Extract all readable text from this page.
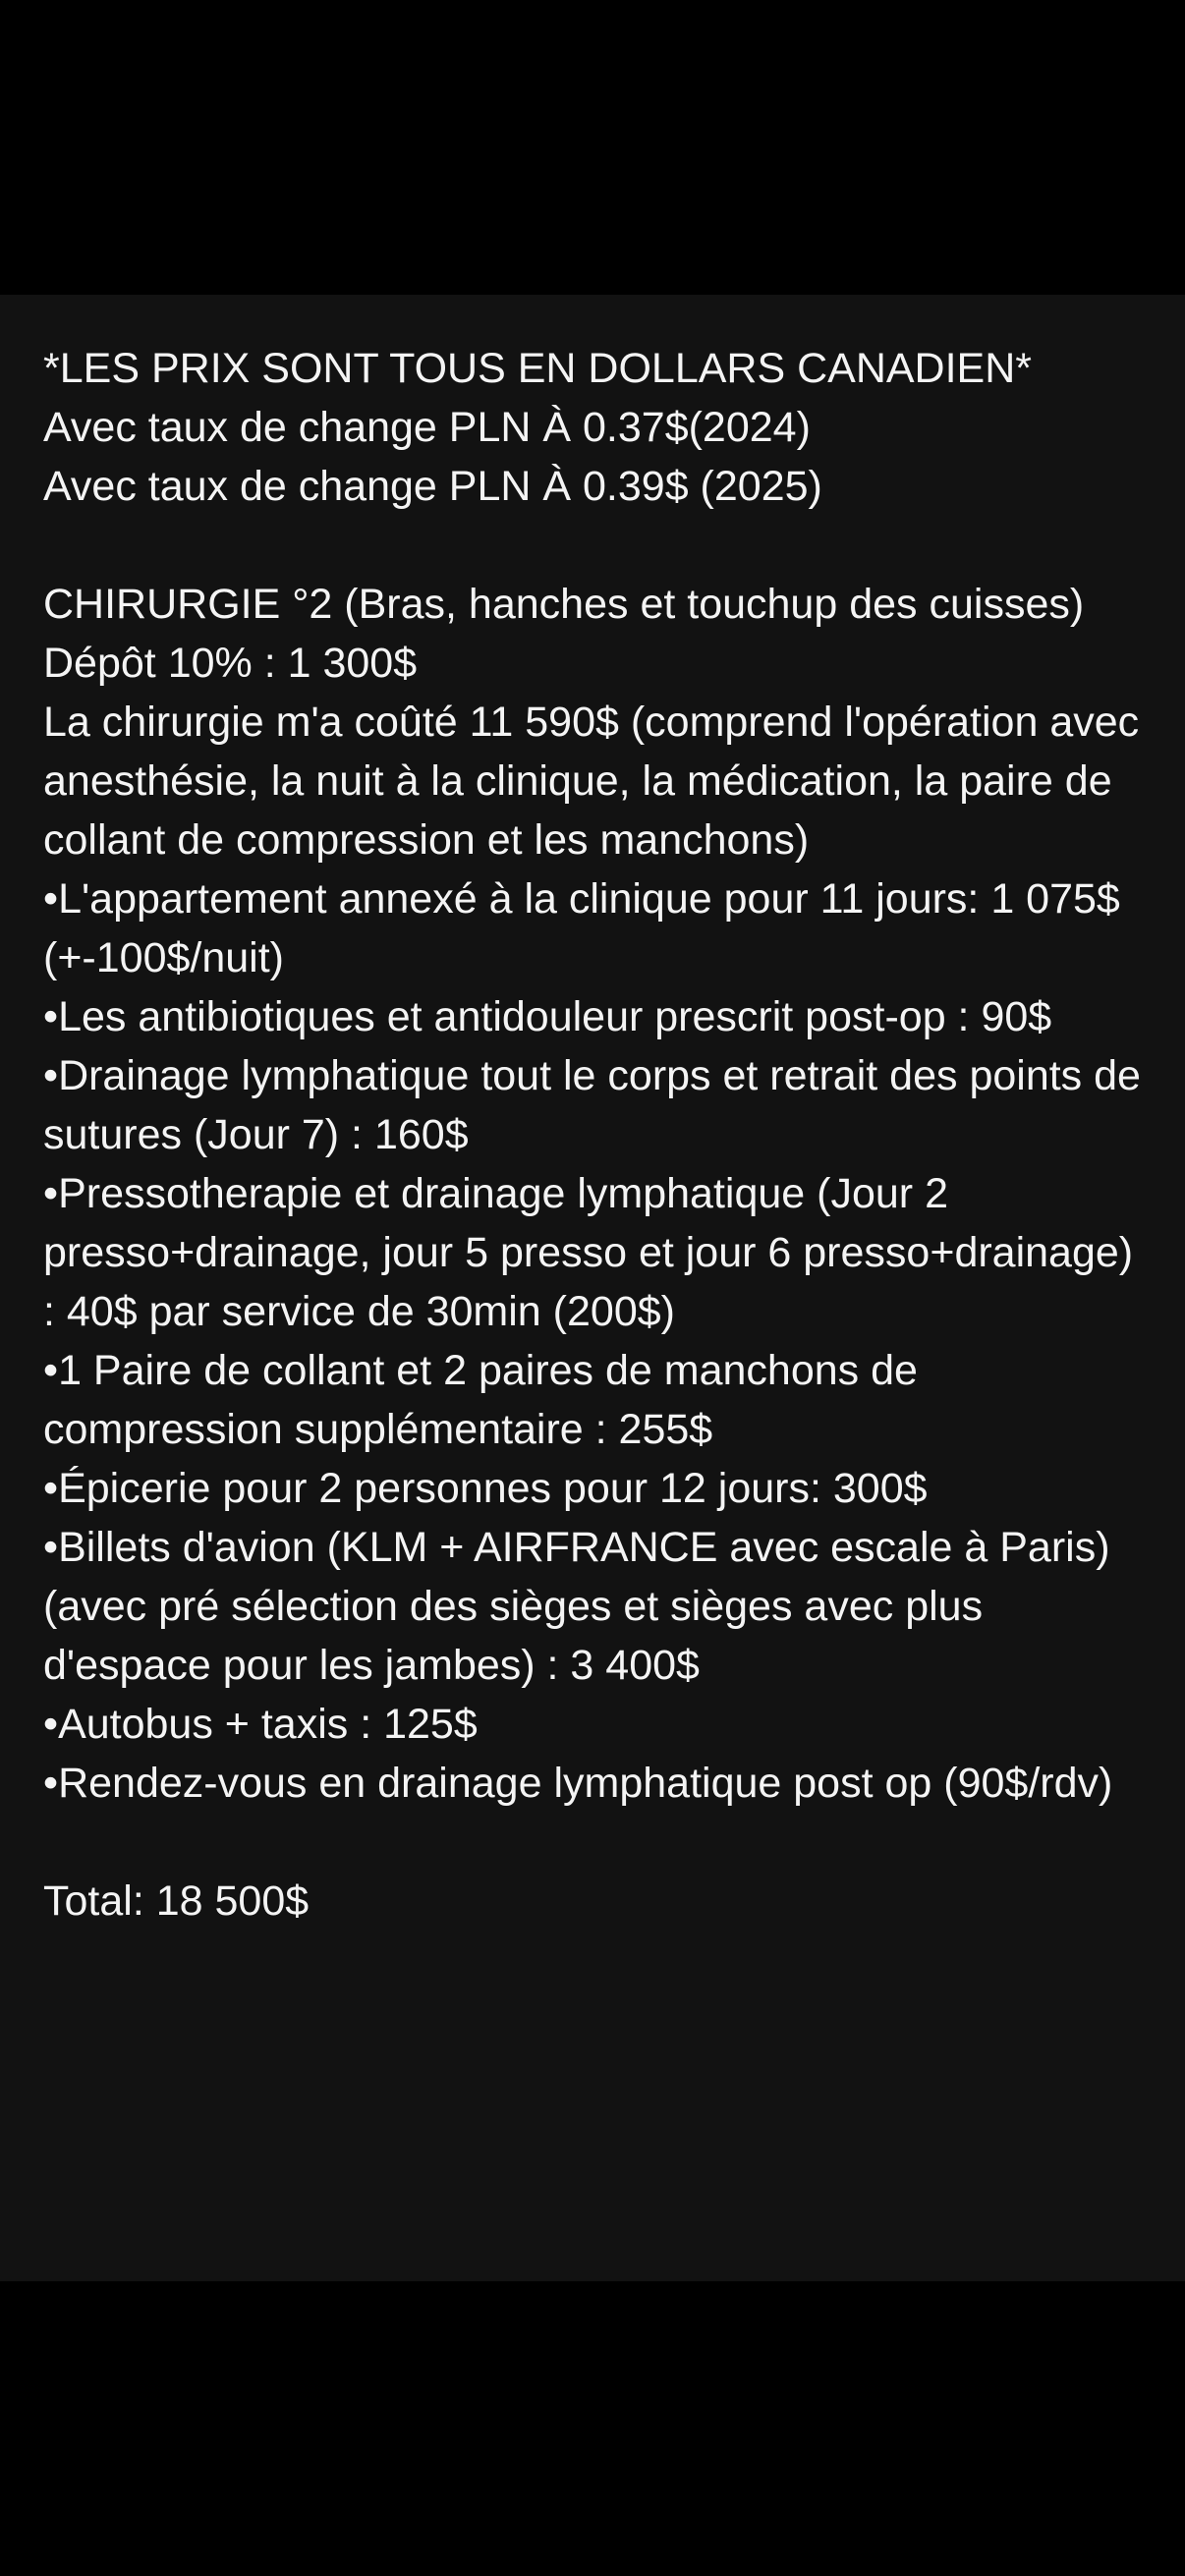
*LES PRIX SONT TOUS EN DOLLARS CANADIEN*

Avec taux de change PLN À 0.37$(2024)

Avec taux de change PLN À 0.39$ (2025)

CHIRURGIE °2 (Bras, hanches et touchup des cuisses)

Dépôt 10% : 1 300$

La chirurgie m'a coûté 11 590$ (comprend l'opération avec anesthésie, la nuit à la clinique, la médication, la paire de collant de compression et les manchons)

• L'appartement annexé à la clinique pour 11 jours: 1 075$ (+-100$/nuit)

• Les antibiotiques et antidouleur prescrit post-op : 90$

• Drainage lymphatique tout le corps et retrait des points de sutures (Jour 7) : 160$

• Pressotherapie et drainage lymphatique (Jour 2 presso+drainage, jour 5 presso et jour 6 presso+drainage) : 40$ par service de 30min (200$)

• 1 Paire de collant et 2 paires de manchons de compression supplémentaire : 255$

• Épicerie pour 2 personnes pour 12 jours: 300$

• Billets d'avion (KLM + AIRFRANCE avec escale à Paris) (avec pré sélection des sièges et sièges avec plus d'espace pour les jambes) : 3 400$

• Autobus + taxis : 125$

• Rendez-vous en drainage lymphatique post op (90$/rdv)

Total: 18 500$
